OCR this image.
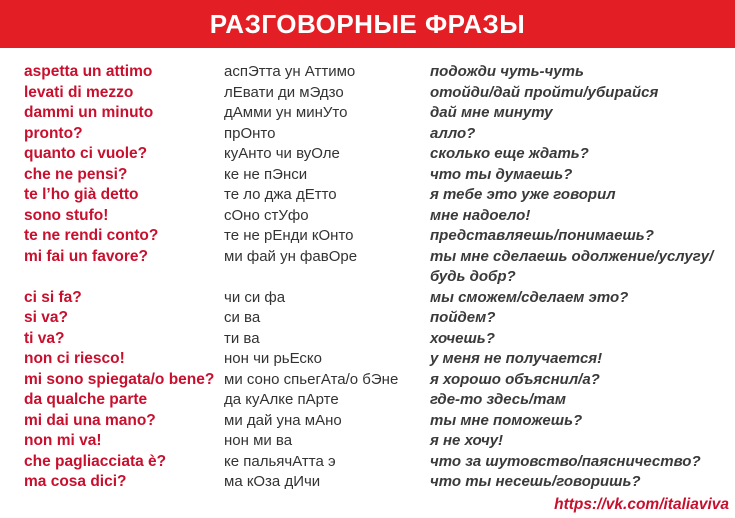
РАЗГОВОРНЫЕ ФРАЗЫ
aspetta un attimo
levati di mezzo
dammi un minuto
pronto?
quanto ci vuole?
che ne pensi?
te l’ho già detto
sono stufo!
te ne rendi conto?
mi fai un favore?
ci si fa?
si va?
ti va?
non ci riesco!
mi sono spiegata/o bene?
da qualche parte
mi dai una mano?
non mi va!
che pagliacciata è?
ma cosa dici?
аспЭтта ун Аттимо
лЕвати ди мЭдзо
дАмми ун минУто
прОнто
куАнто чи вуОле
ке не пЭнси
те ло джа дЕтто
сОно стУфо
те не рЕнди кОнто
ми фай ун фавОре
чи си фа
си ва
ти ва
нон чи рьЕско
ми соно спьегАта/о бЭне
да куАлке пАрте
ми дай уна мАно
нон ми ва
ке пальячАтта э
ма кОза дИчи
подожди чуть-чуть
отойди/дай пройти/убирайся
дай мне минуту
алло?
сколько еще ждать?
что ты думаешь?
я тебе это уже говорил
мне надоело!
представляешь/понимаешь?
ты мне сделаешь одолжение/услугу/
будь добр?
мы сможем/сделаем это?
пойдем?
хочешь?
у меня не получается!
я хорошо объяснил/а?
где-то здесь/там
ты мне поможешь?
я не хочу!
что за шутовство/паясничество?
что ты несешь/говоришь?
https://vk.com/italiaviva
